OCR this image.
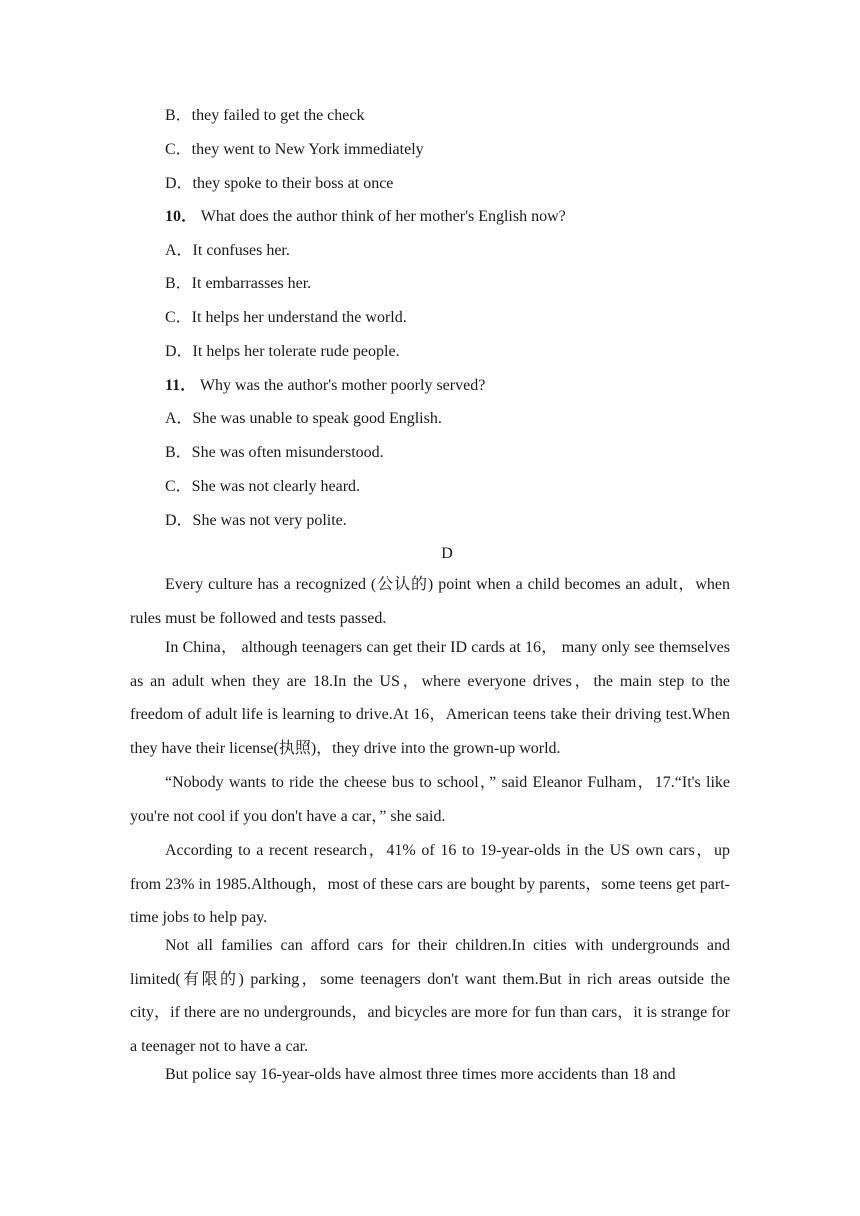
B．they failed to get the check
C．they went to New York immediately
D．they spoke to their boss at once
10． What does the author think of her mother's English now?
A．It confuses her.
B．It embarrasses her.
C．It helps her understand the world.
D．It helps her tolerate rude people.
11． Why was the author's mother poorly served?
A．She was unable to speak good English.
B．She was often misunderstood.
C．She was not clearly heard.
D．She was not very polite.
D

Every culture has a recognized (公认的) point when a child becomes an adult，when rules must be followed and tests passed.

In China， although teenagers can get their ID cards at 16， many only see themselves as an adult when they are 18.In the US，where everyone drives，the main step to the freedom of adult life is learning to drive.At 16，American teens take their driving test.When they have their license(执照)，they drive into the grown-up world.

“Nobody wants to ride the cheese bus to school，” said Eleanor Fulham，17.“It's like you're not cool if you don't have a car，” she said.

According to a recent research，41% of 16 to 19-year-olds in the US own cars，up from 23% in 1985.Although，most of these cars are bought by parents，some teens get part-time jobs to help pay.

Not all families can afford cars for their children.In cities with undergrounds and limited(有限的) parking，some teenagers don't want them.But in rich areas outside the city，if there are no undergrounds，and bicycles are more for fun than cars，it is strange for a teenager not to have a car.

But police say 16-year-olds have almost three times more accidents than 18 and
